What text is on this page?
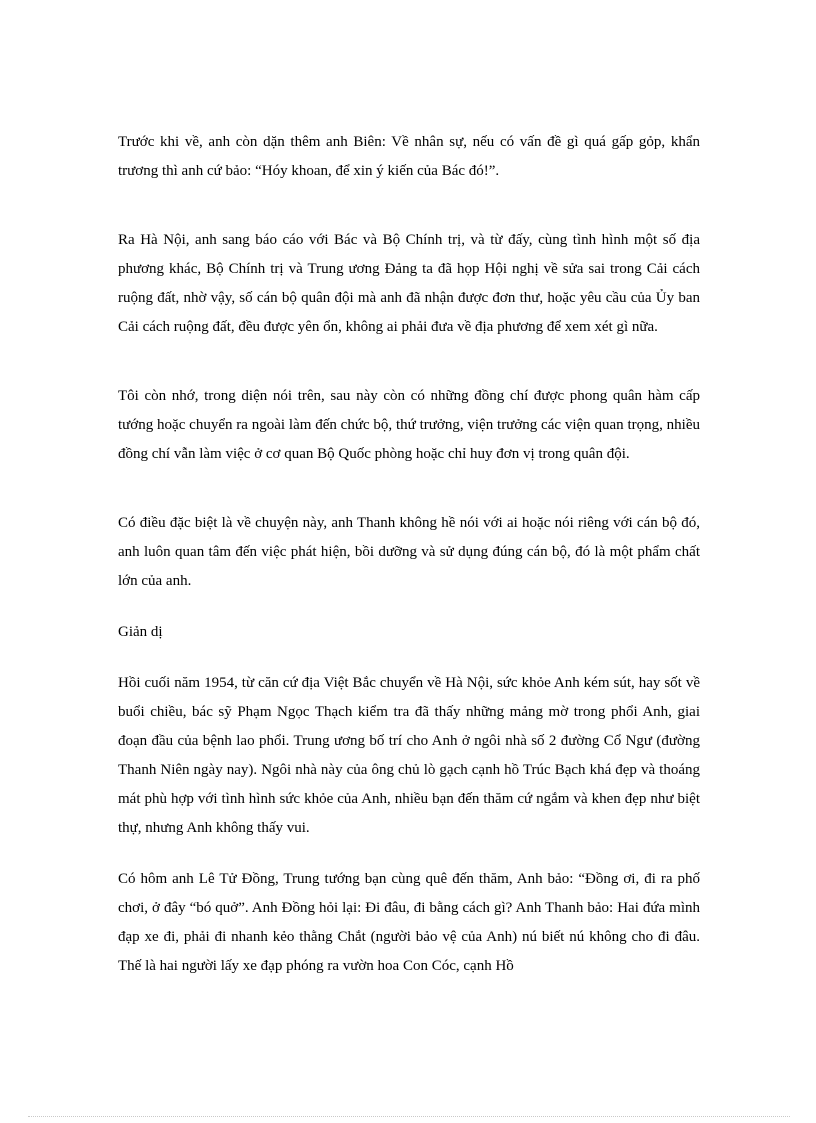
Trước khi về, anh còn dặn thêm anh Biên: Về nhân sự, nếu có vấn đề gì quá gấp gỏp, khẩn trương thì anh cứ bảo: “Hóy khoan, để xin ý kiến của Bác đó!”.

Ra Hà Nội, anh sang báo cáo với Bác và Bộ Chính trị, và từ đấy, cùng tình hình một số địa phương khác, Bộ Chính trị và Trung ương Đảng ta đã họp Hội nghị về sửa sai trong Cải cách ruộng đất, nhờ vậy, số cán bộ quân đội mà anh đã nhận được đơn thư, hoặc yêu cầu của Ủy ban Cải cách ruộng đất, đều được yên ổn, không ai phải đưa về địa phương để xem xét gì nữa.

Tôi còn nhớ, trong diện nói trên, sau này còn có những đồng chí được phong quân hàm cấp tướng hoặc chuyển ra ngoài làm đến chức bộ, thứ trưởng, viện trưởng các viện quan trọng, nhiều đồng chí vẫn làm việc ở cơ quan Bộ Quốc phòng hoặc chỉ huy đơn vị trong quân đội.

Có điều đặc biệt là về chuyện này, anh Thanh không hề nói với ai hoặc nói riêng với cán bộ đó, anh luôn quan tâm đến việc phát hiện, bồi dưỡng và sử dụng đúng cán bộ, đó là một phẩm chất lớn của anh.

Giản dị

Hồi cuối năm 1954, từ căn cứ địa Việt Bắc chuyển về Hà Nội, sức khỏe Anh kém sút, hay sốt về buổi chiều, bác sỹ Phạm Ngọc Thạch kiểm tra đã thấy những mảng mờ trong phổi Anh, giai đoạn đầu của bệnh lao phổi. Trung ương bố trí cho Anh ở ngôi nhà số 2 đường Cổ Ngư (đường Thanh Niên ngày nay). Ngôi nhà này của ông chủ lò gạch cạnh hồ Trúc Bạch khá đẹp và thoáng mát phù hợp với tình hình sức khỏe của Anh, nhiều bạn đến thăm cứ ngắm và khen đẹp như biệt thự, nhưng Anh không thấy vui.

Có hôm anh Lê Tử Đồng, Trung tướng bạn cùng quê đến thăm, Anh bảo: “Đồng ơi, đi ra phố chơi, ở đây “bó quở”. Anh Đồng hỏi lại: Đi đâu, đi bằng cách gì? Anh Thanh bảo: Hai đứa mình đạp xe đi, phải đi nhanh kẻo thằng Chắt (người bảo vệ của Anh) nú biết nú không cho đi đâu. Thế là hai người lấy xe đạp phóng ra vườn hoa Con Cóc, cạnh Hồ
